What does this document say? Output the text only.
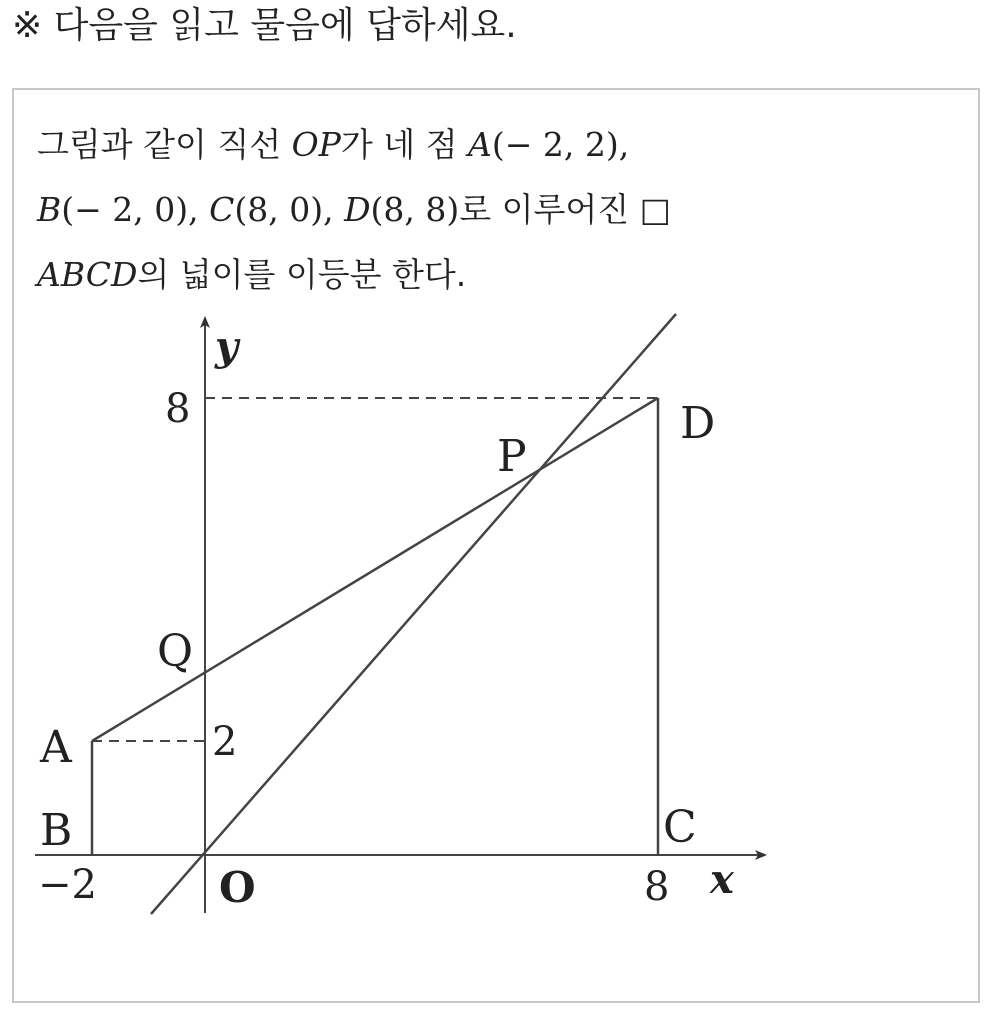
※ 다음을 읽고 물음에 답하세요.
그림과 같이 직선 OP가 네 점 A(− 2, 2),
B(− 2, 0), C(8, 0), D(8, 8)로 이루어진 □
ABCD의 넓이를 이등분 한다.
8
2
−2	8
y
x
O
A
B	C
D
P
Q
